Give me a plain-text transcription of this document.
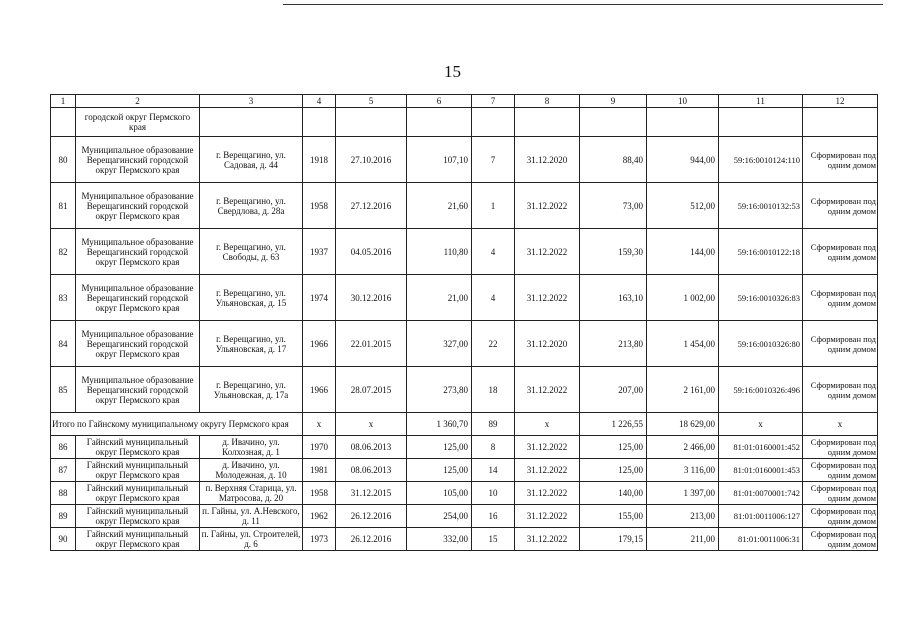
15
1	2	3	4	5	6	7	8	9	10	11	12
	городской округ Пермского края										
80	Муниципальное образование Верещагинский городской округ Пермского края	г. Верещагино, ул. Садовая, д. 44	1918	27.10.2016	107,10	7	31.12.2020	88,40	944,00	59:16:0010124:110	Сформирован под одним домом
81	Муниципальное образование Верещагинский городской округ Пермского края	г. Верещагино, ул. Свердлова, д. 28а	1958	27.12.2016	21,60	1	31.12.2022	73,00	512,00	59:16:0010132:53	Сформирован под одним домом
82	Муниципальное образование Верещагинский городской округ Пермского края	г. Верещагино, ул. Свободы, д. 63	1937	04.05.2016	110,80	4	31.12.2022	159,30	144,00	59:16:0010122:18	Сформирован под одним домом
83	Муниципальное образование Верещагинский городской округ Пермского края	г. Верещагино, ул. Ульяновская, д. 15	1974	30.12.2016	21,00	4	31.12.2022	163,10	1 002,00	59:16:0010326:83	Сформирован под одним домом
84	Муниципальное образование Верещагинский городской округ Пермского края	г. Верещагино, ул. Ульяновская, д. 17	1966	22.01.2015	327,00	22	31.12.2020	213,80	1 454,00	59:16:0010326:80	Сформирован под одним домом
85	Муниципальное образование Верещагинский городской округ Пермского края	г. Верещагино, ул. Ульяновская, д. 17а	1966	28.07.2015	273,80	18	31.12.2022	207,00	2 161,00	59:16:0010326:496	Сформирован под одним домом
Итого по Гайнскому муниципальному округу Пермского края			x	x	1 360,70	89	x	1 226,55	18 629,00	x	x
86	Гайнский муниципальный округ Пермского края	д. Ивачино, ул. Колхозная, д. 1	1970	08.06.2013	125,00	8	31.12.2022	125,00	2 466,00	81:01:0160001:452	Сформирован под одним домом
87	Гайнский муниципальный округ Пермского края	д. Ивачино, ул. Молодежная, д. 10	1981	08.06.2013	125,00	14	31.12.2022	125,00	3 116,00	81:01:0160001:453	Сформирован под одним домом
88	Гайнский муниципальный округ Пермского края	п. Верхняя Старица, ул. Матросова, д. 20	1958	31.12.2015	105,00	10	31.12.2022	140,00	1 397,00	81:01:0070001:742	Сформирован под одним домом
89	Гайнский муниципальный округ Пермского края	п. Гайны, ул. А.Невского, д. 11	1962	26.12.2016	254,00	16	31.12.2022	155,00	213,00	81:01:0011006:127	Сформирован под одним домом
90	Гайнский муниципальный округ Пермского края	п. Гайны, ул. Строителей, д. 6	1973	26.12.2016	332,00	15	31.12.2022	179,15	211,00	81:01:0011006:31	Сформирован под одним домом
